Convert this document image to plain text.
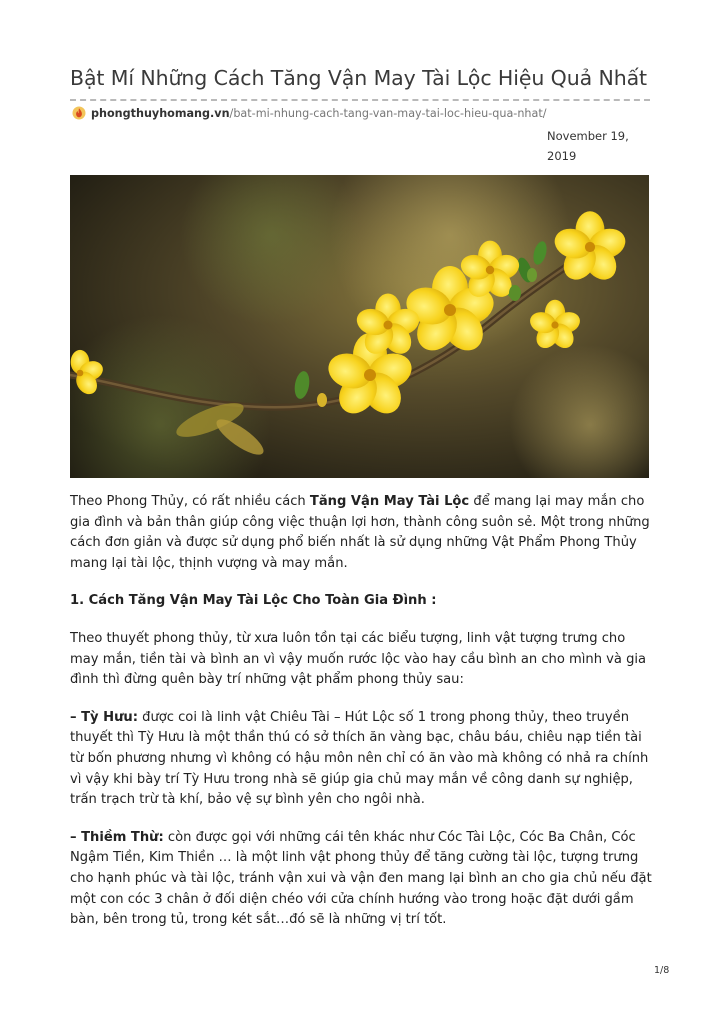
Bật Mí Những Cách Tăng Vận May Tài Lộc Hiệu Quả Nhất
phongthuyhomang.vn /bat-mi-nhung-cach-tang-van-may-tai-loc-hieu-qua-nhat/
November 19, 2019

Theo Phong Thủy, có rất nhiều cách Tăng Vận May Tài Lộc để mang lại may mắn cho gia đình và bản thân giúp công việc thuận lợi hơn, thành công suôn sẻ. Một trong những cách đơn giản và được sử dụng phổ biến nhất là sử dụng những Vật Phẩm Phong Thủy mang lại tài lộc, thịnh vượng và may mắn.

1. Cách Tăng Vận May Tài Lộc Cho Toàn Gia Đình :

Theo thuyết phong thủy, từ xưa luôn tồn tại các biểu tượng, linh vật tượng trưng cho may mắn, tiền tài và bình an vì vậy muốn rước lộc vào hay cầu bình an cho mình và gia đình thì đừng quên bày trí những vật phẩm phong thủy sau:

– Tỳ Hưu: được coi là linh vật Chiêu Tài – Hút Lộc số 1 trong phong thủy, theo truyền thuyết thì Tỳ Hưu là một thần thú có sở thích ăn vàng bạc, châu báu, chiêu nạp tiền tài từ bốn phương nhưng vì không có hậu môn nên chỉ có ăn vào mà không có nhả ra chính vì vậy khi bày trí Tỳ Hưu trong nhà sẽ giúp gia chủ may mắn về công danh sự nghiệp, trấn trạch trừ tà khí, bảo vệ sự bình yên cho ngôi nhà.

– Thiềm Thừ: còn được gọi với những cái tên khác như Cóc Tài Lộc, Cóc Ba Chân, Cóc Ngậm Tiền, Kim Thiền … là một linh vật phong thủy để tăng cường tài lộc, tượng trưng cho hạnh phúc và tài lộc, tránh vận xui và vận đen mang lại bình an cho gia chủ nếu đặt một con cóc 3 chân ở đối diện chéo với cửa chính hướng vào trong hoặc đặt dưới gầm bàn, bên trong tủ, trong két sắt…đó sẽ là những vị trí tốt.

1/8
